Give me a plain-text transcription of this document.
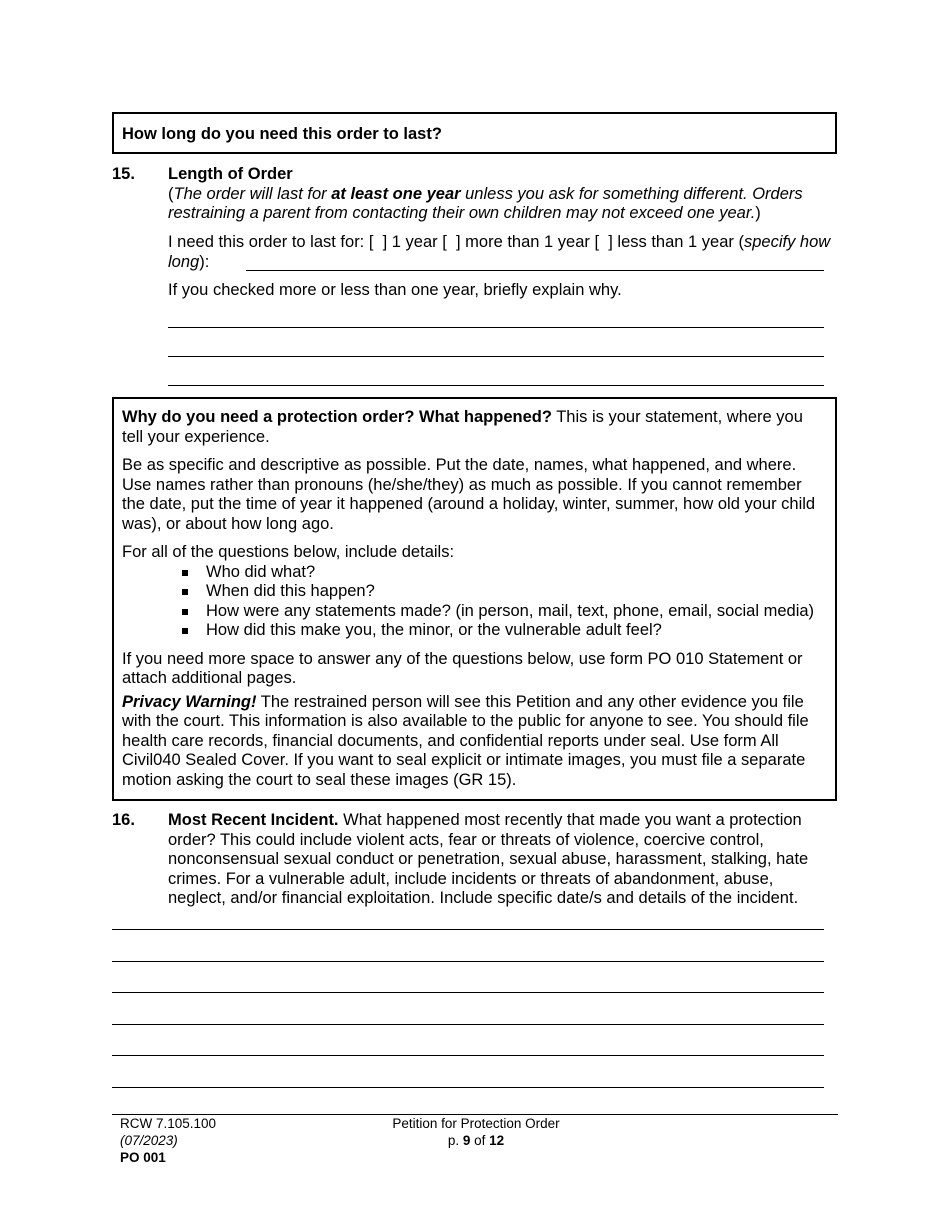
How long do you need this order to last?
15. Length of Order
(The order will last for at least one year unless you ask for something different. Orders restraining a parent from contacting their own children may not exceed one year.)
I need this order to last for: [  ] 1 year [  ] more than 1 year [  ] less than 1 year (specify how long):
If you checked more or less than one year, briefly explain why.

Why do you need a protection order? What happened? This is your statement, where you tell your experience.

Be as specific and descriptive as possible. Put the date, names, what happened, and where. Use names rather than pronouns (he/she/they) as much as possible. If you cannot remember the date, put the time of year it happened (around a holiday, winter, summer, how old your child was), or about how long ago.

For all of the questions below, include details:
Who did what?
When did this happen?
How were any statements made? (in person, mail, text, phone, email, social media)
How did this make you, the minor, or the vulnerable adult feel?

If you need more space to answer any of the questions below, use form PO 010 Statement or attach additional pages.

Privacy Warning! The restrained person will see this Petition and any other evidence you file with the court. This information is also available to the public for anyone to see. You should file health care records, financial documents, and confidential reports under seal. Use form All Civil040 Sealed Cover. If you want to seal explicit or intimate images, you must file a separate motion asking the court to seal these images (GR 15).

16. Most Recent Incident. What happened most recently that made you want a protection order? This could include violent acts, fear or threats of violence, coercive control, nonconsensual sexual conduct or penetration, sexual abuse, harassment, stalking, hate crimes. For a vulnerable adult, include incidents or threats of abandonment, abuse, neglect, and/or financial exploitation. Include specific date/s and details of the incident.
RCW 7.105.100
(07/2023)
PO 001
Petition for Protection Order
p. 9 of 12
